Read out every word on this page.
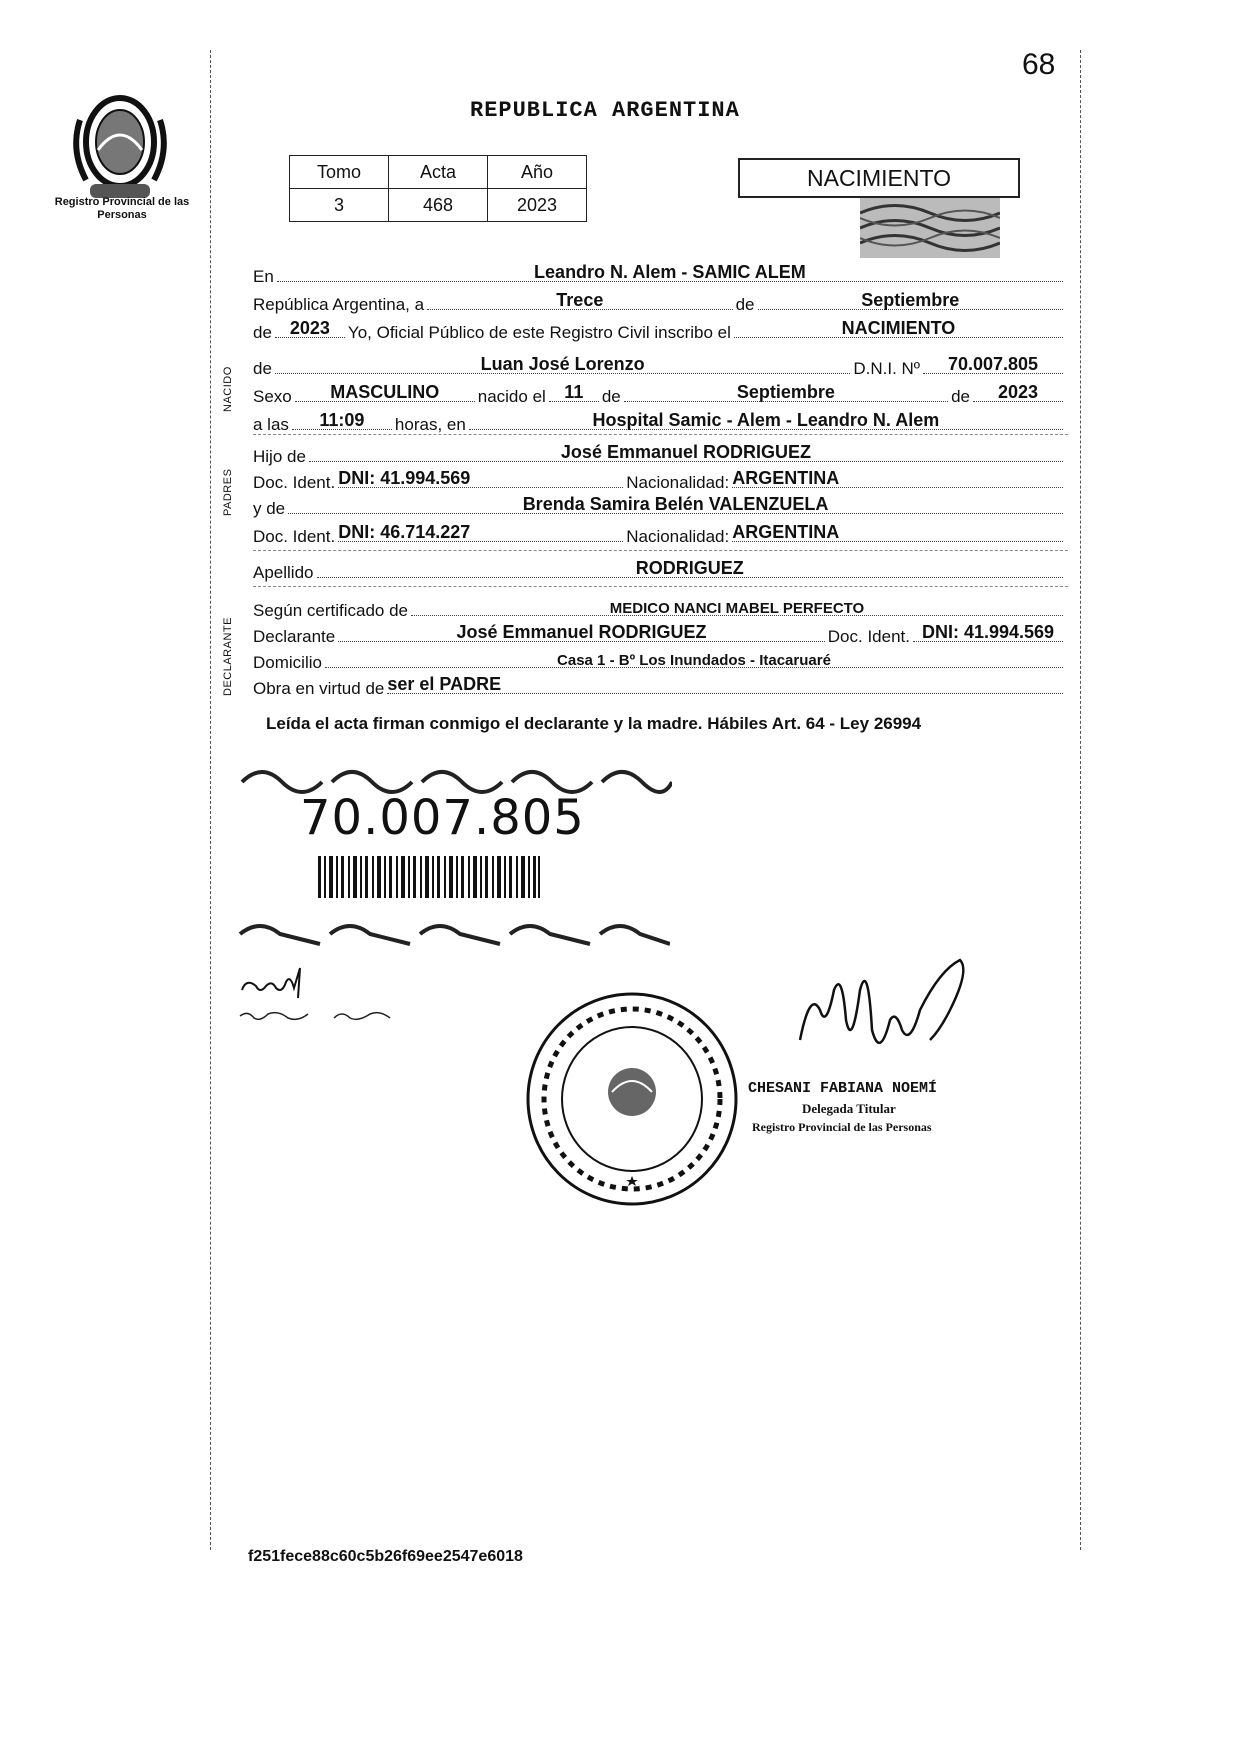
68
Registro Provincial de las Personas
REPUBLICA ARGENTINA
Tomo	Acta	Año
3	468	2023
NACIMIENTO
En	Leandro N. Alem - SAMIC ALEM
República Argentina, a	Trece	de	Septiembre
de 2023	Yo, Oficial Público de este Registro Civil inscribo el	NACIMIENTO
de	Luan José Lorenzo	D.N.I. Nº	70.007.805
Sexo	MASCULINO	nacido el	11	de	Septiembre	de	2023
a las	11:09	horas, en	Hospital Samic - Alem - Leandro N. Alem
Hijo de	José Emmanuel RODRIGUEZ
Doc. Ident. DNI: 41.994.569	Nacionalidad: ARGENTINA
y de	Brenda Samira Belén VALENZUELA
Doc. Ident. DNI: 46.714.227	Nacionalidad: ARGENTINA
Apellido	RODRIGUEZ
Según certificado de	MEDICO NANCI MABEL PERFECTO
Declarante	José Emmanuel RODRIGUEZ	Doc. Ident. DNI: 41.994.569
Domicilio	Casa 1 - Bº Los Inundados - Itacaruaré
Obra en virtud de ser el PADRE
NACIDO
PADRES
DECLARANTE
Leída el acta firman conmigo el declarante y la madre. Hábiles Art. 64 - Ley 26994
70.007.805
CHESANI FABIANA NOEMÍ
Delegada Titular
Registro Provincial de las Personas
f251fece88c60c5b26f69ee2547e6018
